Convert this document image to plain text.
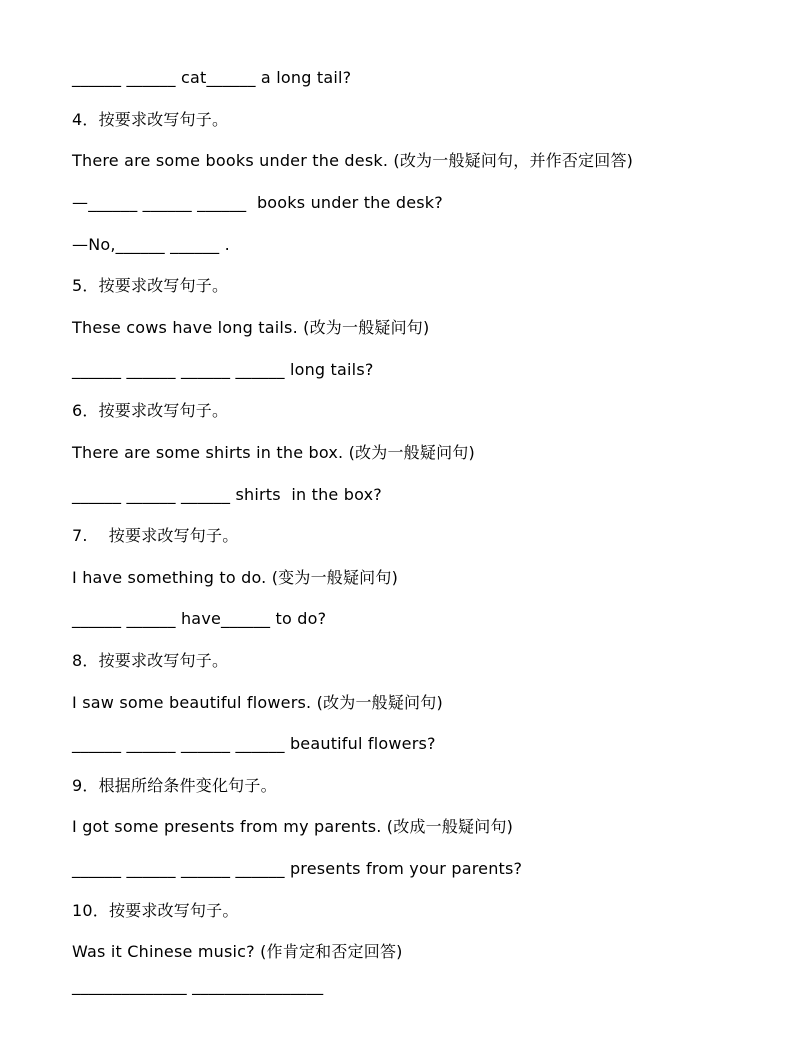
______ ______ cat______ a long tail?
4．按要求改写句子。
There are some books under the desk. (改为一般疑问句，并作否定回答)
—______ ______ ______  books under the desk?
—No,______ ______ .
5．按要求改写句子。
These cows have long tails. (改为一般疑问句)
______ ______ ______ ______ long tails?
6．按要求改写句子。
There are some shirts in the box. (改为一般疑问句)
______ ______ ______ shirts  in the box?
7.    按要求改写句子。
I have something to do. (变为一般疑问句)
______ ______ have______ to do?
8．按要求改写句子。
I saw some beautiful flowers. (改为一般疑问句)
______ ______ ______ ______ beautiful flowers?
9．根据所给条件变化句子。
I got some presents from my parents. (改成一般疑问句)
______ ______ ______ ______ presents from your parents?
10．按要求改写句子。
Was it Chinese music? (作肯定和否定回答)
______________ ________________
